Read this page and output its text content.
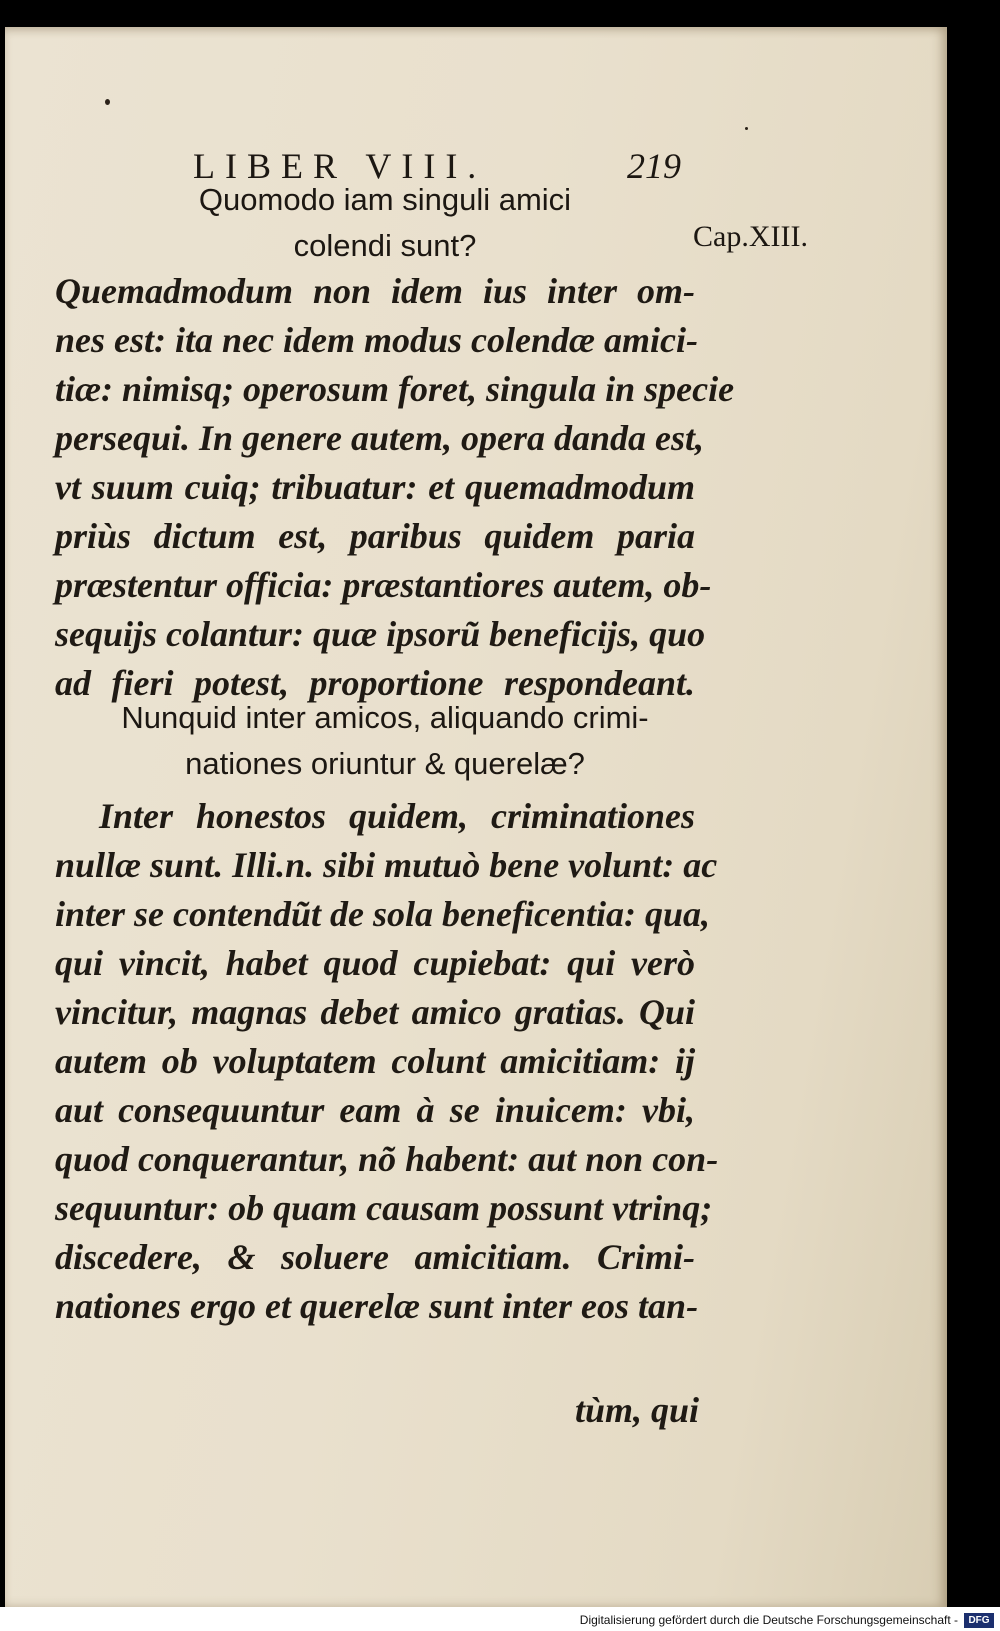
LIBER VIII.	219
Cap.XIII.
Quomodo iam singuli amici
colendi sunt?
Quemadmodum non idem ius inter om-
nes est: ita nec idem modus colendæ amici-
tiæ: nimisq; operosum foret, singula in specie
persequi. In genere autem, opera danda est,
vt suum cuiq; tribuatur: et quemadmodum
priùs dictum est, paribus quidem paria
præstentur officia: præstantiores autem, ob-
sequijs colantur: quæ ipsorũ beneficijs, quo
ad fieri potest, proportione respondeant.
Nunquid inter amicos, aliquando crimi-
nationes oriuntur & querelæ?
Inter honestos quidem, criminationes
nullæ sunt. Illi.n. sibi mutuò bene volunt: ac
inter se contendũt de sola beneficentia: qua,
qui vincit, habet quod cupiebat: qui verò
vincitur, magnas debet amico gratias. Qui
autem ob voluptatem colunt amicitiam: ij
aut consequuntur eam à se inuicem: vbi,
quod conquerantur, nõ habent: aut non con-
sequuntur: ob quam causam possunt vtrinq;
discedere, & soluere amicitiam. Crimi-
nationes ergo et querelæ sunt inter eos tan-
tùm, qui
Digitalisierung gefördert durch die Deutsche Forschungsgemeinschaft -	DFG
